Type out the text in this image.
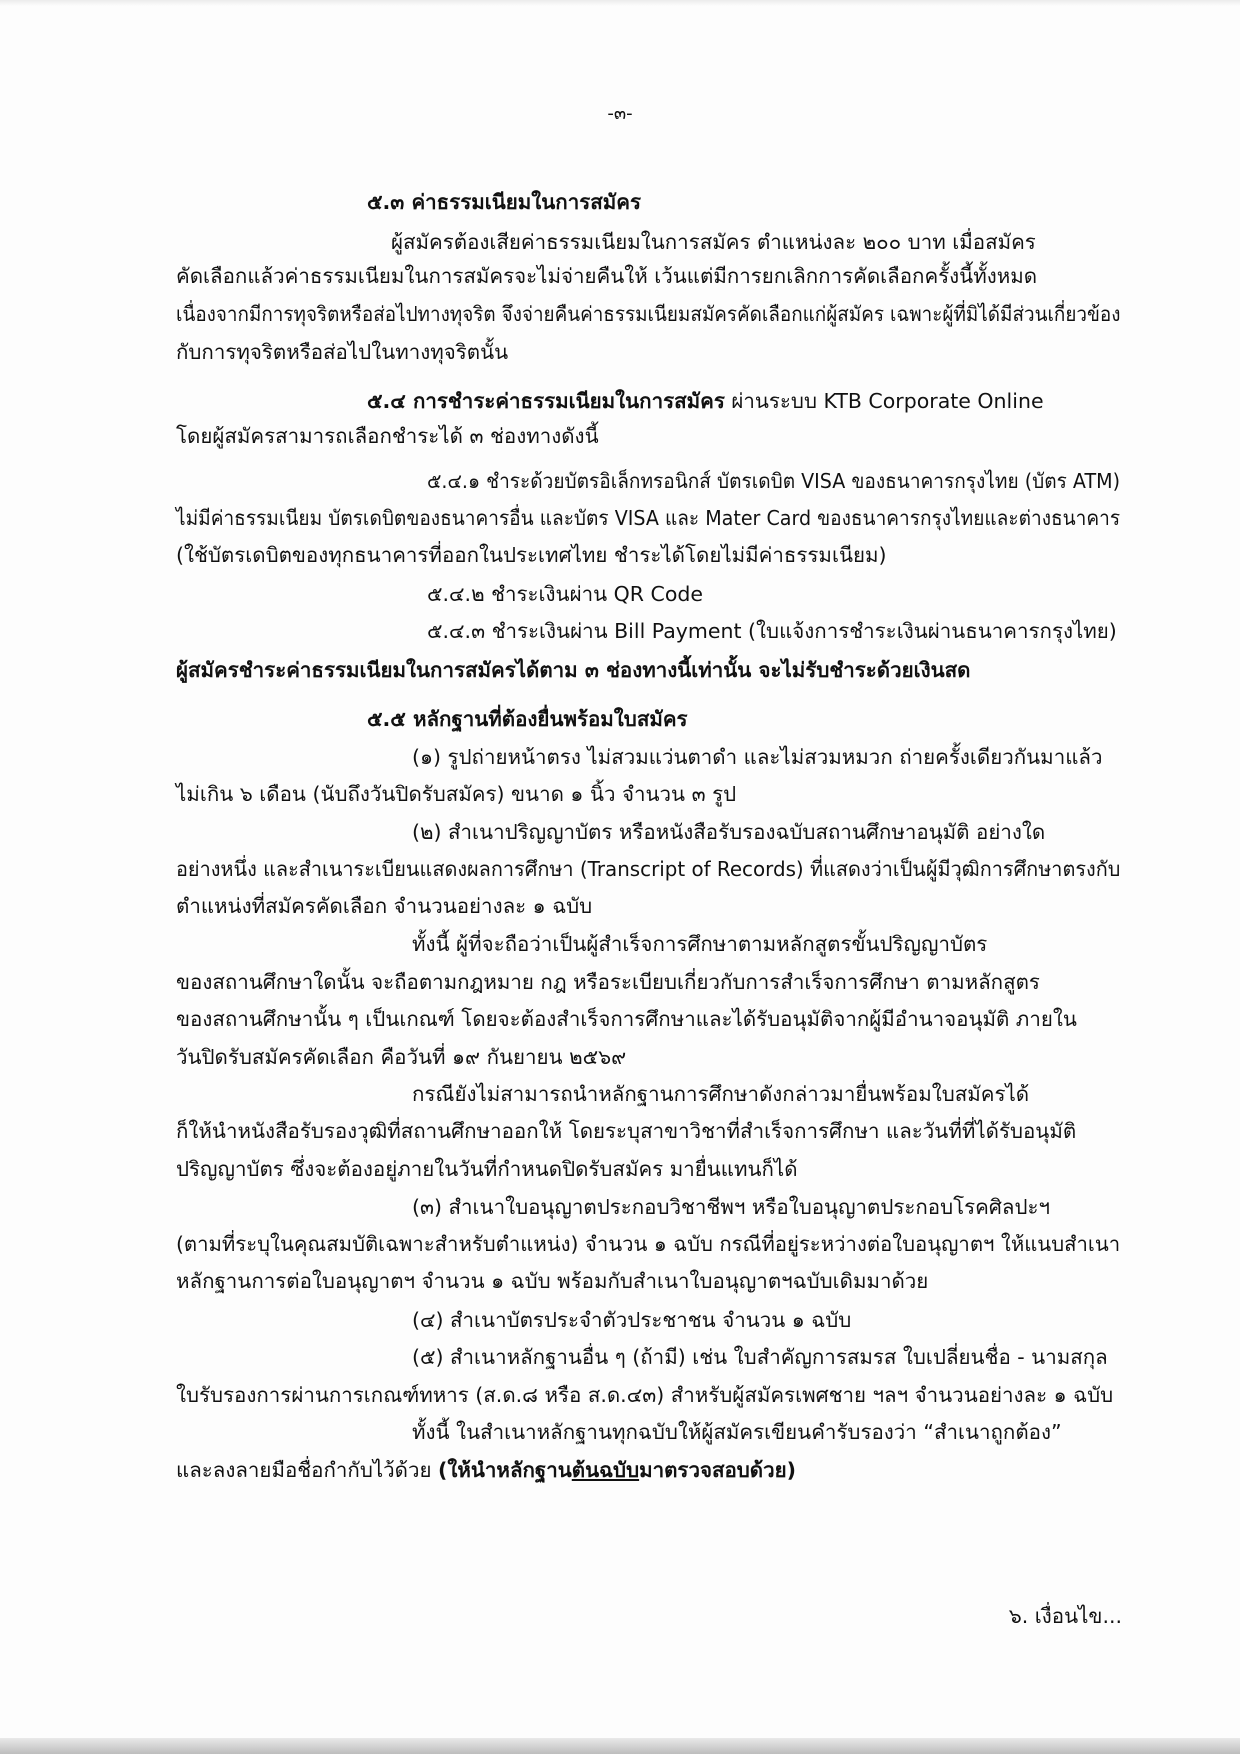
-๓-
๕.๓ ค่าธรรมเนียมในการสมัคร
ผู้สมัครต้องเสียค่าธรรมเนียมในการสมัคร ตำแหน่งละ ๒๐๐ บาท เมื่อสมัคร
คัดเลือกแล้วค่าธรรมเนียมในการสมัครจะไม่จ่ายคืนให้ เว้นแต่มีการยกเลิกการคัดเลือกครั้งนี้ทั้งหมด
เนื่องจากมีการทุจริตหรือส่อไปทางทุจริต จึงจ่ายคืนค่าธรรมเนียมสมัครคัดเลือกแก่ผู้สมัคร เฉพาะผู้ที่มิได้มีส่วนเกี่ยวข้อง
กับการทุจริตหรือส่อไปในทางทุจริตนั้น
๕.๔ การชำระค่าธรรมเนียมในการสมัคร ผ่านระบบ KTB Corporate Online
โดยผู้สมัครสามารถเลือกชำระได้ ๓ ช่องทางดังนี้
๕.๔.๑ ชำระด้วยบัตรอิเล็กทรอนิกส์ บัตรเดบิต VISA ของธนาคารกรุงไทย (บัตร ATM)
ไม่มีค่าธรรมเนียม บัตรเดบิตของธนาคารอื่น และบัตร VISA และ Mater Card ของธนาคารกรุงไทยและต่างธนาคาร
(ใช้บัตรเดบิตของทุกธนาคารที่ออกในประเทศไทย ชำระได้โดยไม่มีค่าธรรมเนียม)
๕.๔.๒ ชำระเงินผ่าน QR Code
๕.๔.๓ ชำระเงินผ่าน Bill Payment (ใบแจ้งการชำระเงินผ่านธนาคารกรุงไทย)
ผู้สมัครชำระค่าธรรมเนียมในการสมัครได้ตาม ๓ ช่องทางนี้เท่านั้น จะไม่รับชำระด้วยเงินสด
๕.๕ หลักฐานที่ต้องยื่นพร้อมใบสมัคร
(๑) รูปถ่ายหน้าตรง ไม่สวมแว่นตาดำ และไม่สวมหมวก ถ่ายครั้งเดียวกันมาแล้ว
ไม่เกิน ๖ เดือน (นับถึงวันปิดรับสมัคร) ขนาด ๑ นิ้ว จำนวน ๓ รูป
(๒) สำเนาปริญญาบัตร หรือหนังสือรับรองฉบับสถานศึกษาอนุมัติ อย่างใด
อย่างหนึ่ง และสำเนาระเบียนแสดงผลการศึกษา (Transcript of Records) ที่แสดงว่าเป็นผู้มีวุฒิการศึกษาตรงกับ
ตำแหน่งที่สมัครคัดเลือก จำนวนอย่างละ ๑ ฉบับ
ทั้งนี้ ผู้ที่จะถือว่าเป็นผู้สำเร็จการศึกษาตามหลักสูตรขั้นปริญญาบัตร
ของสถานศึกษาใดนั้น จะถือตามกฎหมาย กฎ หรือระเบียบเกี่ยวกับการสำเร็จการศึกษา ตามหลักสูตร
ของสถานศึกษานั้น ๆ เป็นเกณฑ์ โดยจะต้องสำเร็จการศึกษาและได้รับอนุมัติจากผู้มีอำนาจอนุมัติ ภายใน
วันปิดรับสมัครคัดเลือก คือวันที่ ๑๙ กันยายน ๒๕๖๙
กรณียังไม่สามารถนำหลักฐานการศึกษาดังกล่าวมายื่นพร้อมใบสมัครได้
ก็ให้นำหนังสือรับรองวุฒิที่สถานศึกษาออกให้ โดยระบุสาขาวิชาที่สำเร็จการศึกษา และวันที่ที่ได้รับอนุมัติ
ปริญญาบัตร ซึ่งจะต้องอยู่ภายในวันที่กำหนดปิดรับสมัคร มายื่นแทนก็ได้
(๓) สำเนาใบอนุญาตประกอบวิชาชีพฯ หรือใบอนุญาตประกอบโรคศิลปะฯ
(ตามที่ระบุในคุณสมบัติเฉพาะสำหรับตำแหน่ง) จำนวน ๑ ฉบับ กรณีที่อยู่ระหว่างต่อใบอนุญาตฯ ให้แนบสำเนา
หลักฐานการต่อใบอนุญาตฯ จำนวน ๑ ฉบับ พร้อมกับสำเนาใบอนุญาตฯฉบับเดิมมาด้วย
(๔) สำเนาบัตรประจำตัวประชาชน จำนวน ๑ ฉบับ
(๕) สำเนาหลักฐานอื่น ๆ (ถ้ามี) เช่น ใบสำคัญการสมรส ใบเปลี่ยนชื่อ - นามสกุล
ใบรับรองการผ่านการเกณฑ์ทหาร (ส.ด.๘ หรือ ส.ด.๔๓) สำหรับผู้สมัครเพศชาย ฯลฯ จำนวนอย่างละ ๑ ฉบับ
ทั้งนี้ ในสำเนาหลักฐานทุกฉบับให้ผู้สมัครเขียนคำรับรองว่า “สำเนาถูกต้อง”
และลงลายมือชื่อกำกับไว้ด้วย (ให้นำหลักฐานต้นฉบับมาตรวจสอบด้วย)
๖. เงื่อนไข...
